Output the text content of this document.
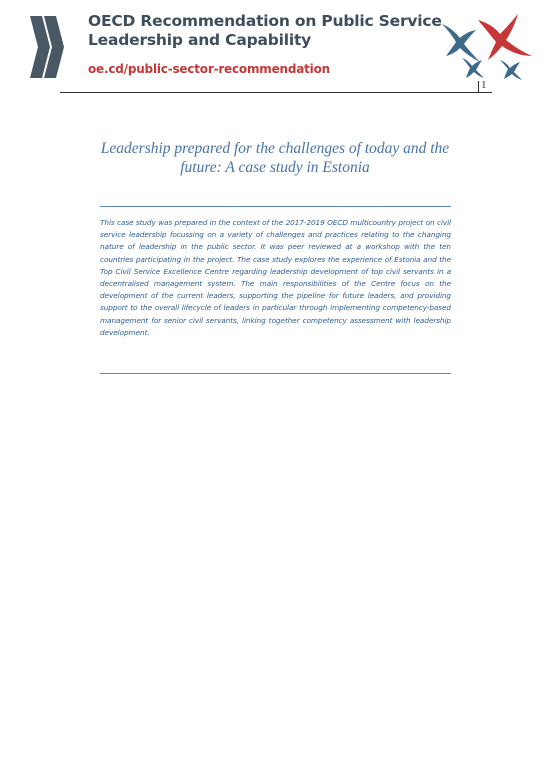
OECD Recommendation on Public Service
Leadership and Capability
oe.cd/public-sector-recommendation
1
Leadership prepared for the challenges of today and the future: A case study in Estonia
This case study was prepared in the context of the 2017-2019 OECD multicountry project on civil service leadership focussing on a variety of challenges and practices relating to the changing nature of leadership in the public sector. It was peer reviewed at a workshop with the ten countries participating in the project. The case study explores the experience of Estonia and the Top Civil Service Excellence Centre regarding leadership development of top civil servants in a decentralised management system. The main responsibilities of the Centre focus on the development of the current leaders, supporting the pipeline for future leaders, and providing support to the overall lifecycle of leaders in particular through implementing competency-based management for senior civil servants, linking together competency assessment with leadership development.
